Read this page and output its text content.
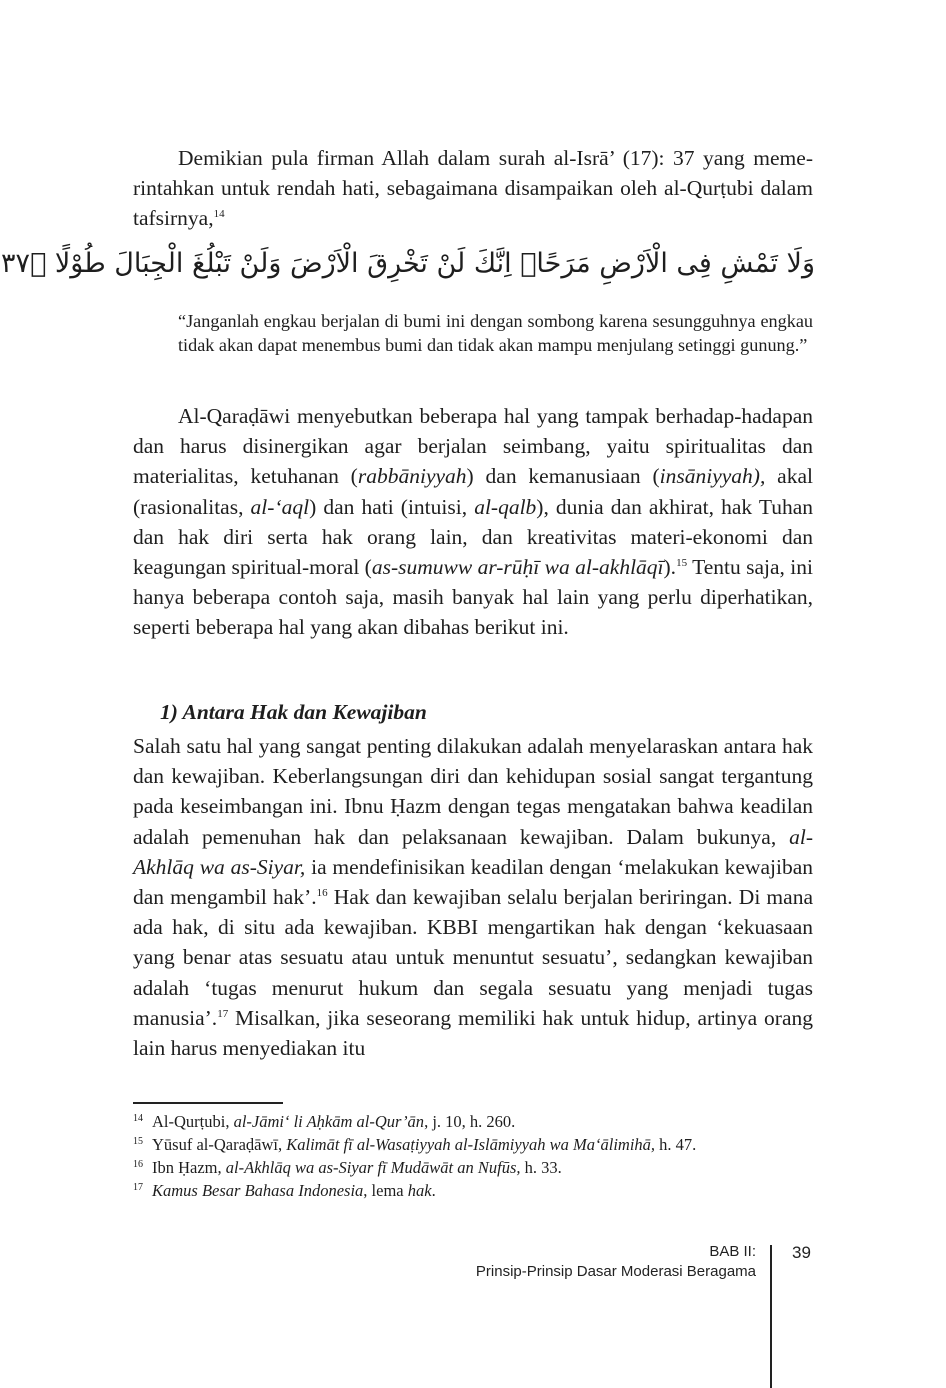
Demikian pula firman Allah dalam surah al-Isrā’ (17): 37 yang memerintahkan untuk rendah hati, sebagaimana disampaikan oleh al-Qurṭubi dalam tafsirnya,$^{14}$
وَلَا تَمْشِ فِى الْاَرْضِ مَرَحًاۚ اِنَّكَ لَنْ تَخْرِقَ الْاَرْضَ وَلَنْ تَبْلُغَ الْجِبَالَ طُوْلًا ﴿٣٧
“Janganlah engkau berjalan di bumi ini dengan sombong karena sesungguhnya engkau tidak akan dapat menembus bumi dan tidak akan mampu menjulang setinggi gunung.”
Al-Qaraḍāwi menyebutkan beberapa hal yang tampak berhadap-hadapan dan harus disinergikan agar berjalan seimbang, yaitu spiritualitas dan materialitas, ketuhanan (rabbāniyyah) dan kemanusiaan (insāniyyah), akal (rasionalitas, al-‘aql) dan hati (intuisi, al-qalb), dunia dan akhirat, hak Tuhan dan hak diri serta hak orang lain, dan kreativitas materi-ekonomi dan keagungan spiritual-moral (as-sumuww ar-rūḥī wa al-akhlāqī).$^{15}$ Tentu saja, ini hanya beberapa contoh saja, masih banyak hal lain yang perlu diperhatikan, seperti beberapa hal yang akan dibahas berikut ini.
1) Antara Hak dan Kewajiban
Salah satu hal yang sangat penting dilakukan adalah menyelaraskan antara hak dan kewajiban. Keberlangsungan diri dan kehidupan sosial sangat tergantung pada keseimbangan ini. Ibnu Ḥazm dengan tegas mengatakan bahwa keadilan adalah pemenuhan hak dan pelaksanaan kewajiban. Dalam bukunya, al-Akhlāq wa as-Siyar, ia mendefinisikan keadilan dengan ‘melakukan kewajiban dan mengambil hak’.$^{16}$ Hak dan kewajiban selalu berjalan beriringan. Di mana ada hak, di situ ada kewajiban. KBBI mengartikan hak dengan ‘kekuasaan yang benar atas sesuatu atau untuk menuntut sesuatu’, sedangkan kewajiban adalah ‘tugas menurut hukum dan segala sesuatu yang menjadi tugas manusia’.$^{17}$ Misalkan, jika seseorang memiliki hak untuk hidup, artinya orang lain harus menyediakan itu
$^{14}$ Al-Qurṭubi, al-Jāmi‘ li Aḥkām al-Qur’ān, j. 10, h. 260.
$^{15}$ Yūsuf al-Qaraḍāwī, Kalimāt fī al-Wasaṭiyyah al-Islāmiyyah wa Ma‘ālimihā, h. 47.
$^{16}$ Ibn Ḥazm, al-Akhlāq wa as-Siyar fī Mudāwāt an Nufūs, h. 33.
$^{17}$ Kamus Besar Bahasa Indonesia, lema hak.
BAB II:
Prinsip-Prinsip Dasar Moderasi Beragama
39
